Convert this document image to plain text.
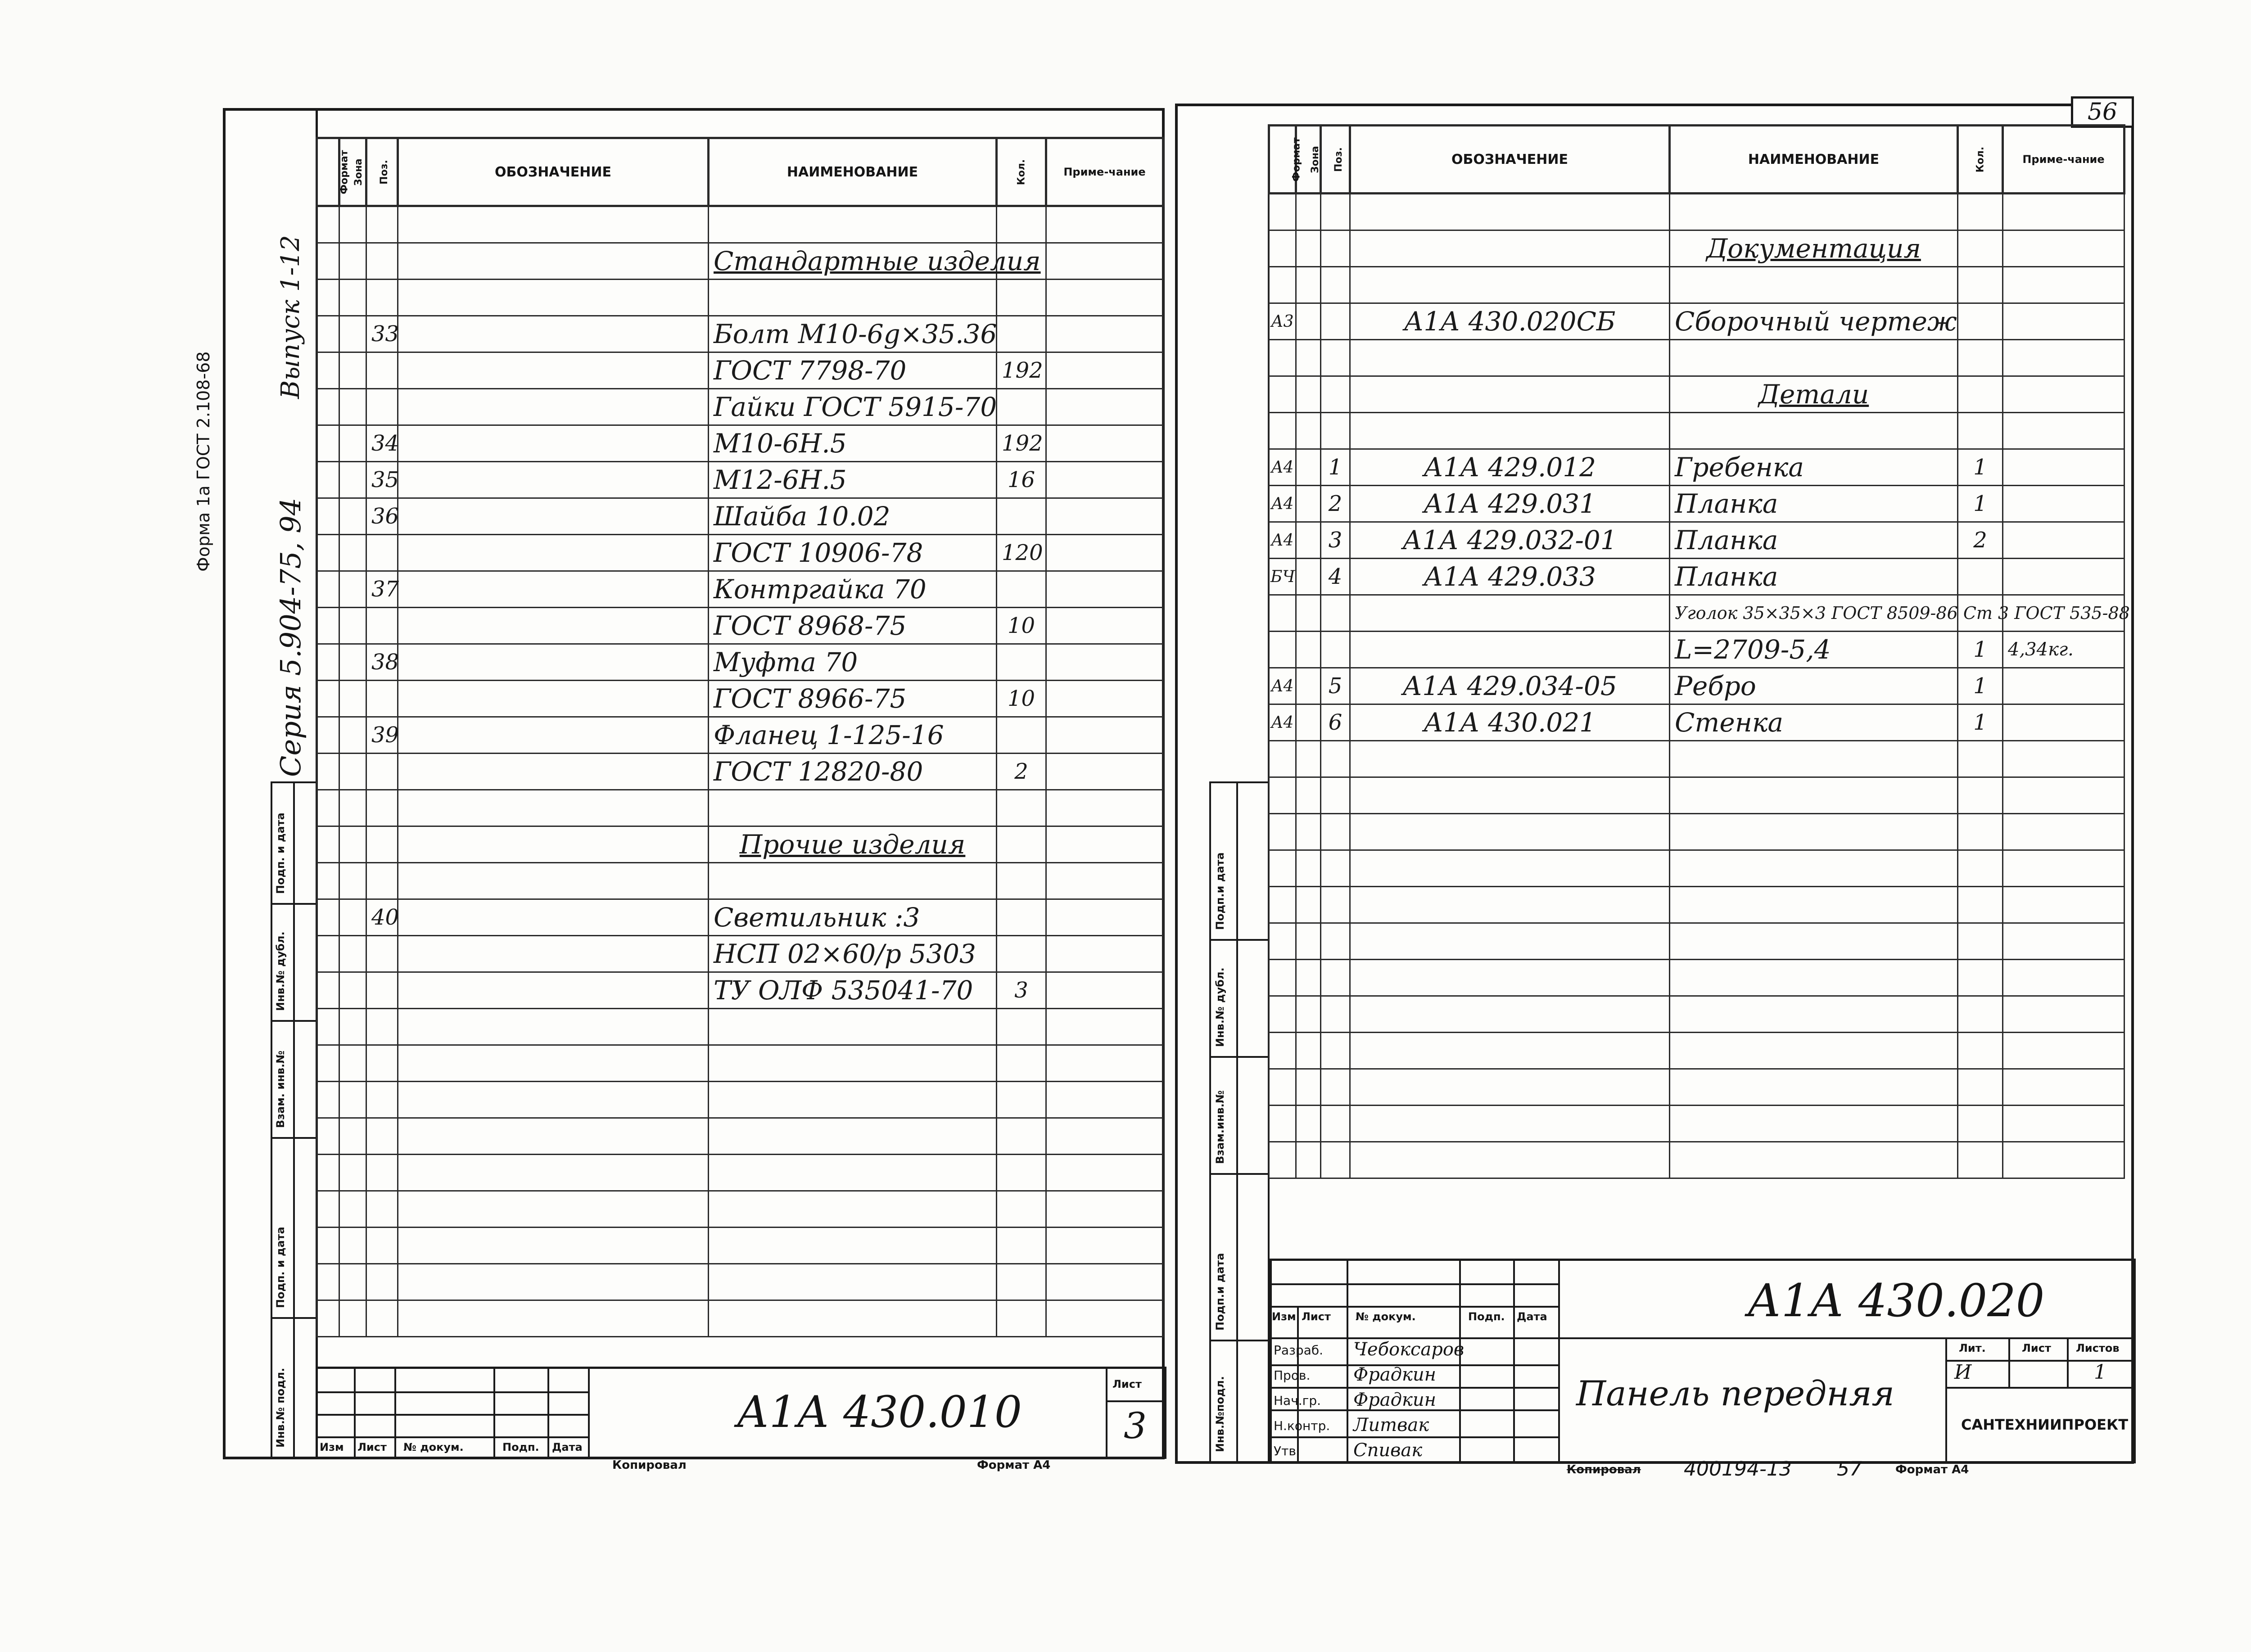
Серия 5.904-75, 94
Выпуск 1-12
Подп. и дата
Инв.№ дубл.
Взам. инв.№
Подп. и дата
Инв.№ подл.
Формат	Зона	Поз.	ОБОЗНАЧЕНИЕ	НАИМЕНОВАНИЕ	Кол.	Приме-чание

				Стандартные изделия		

		33		Болт М10-6g×35.36		
				ГОСТ 7798-70	192	
				Гайки ГОСТ 5915-70		
		34		М10-6Н.5	192	
		35		М12-6Н.5	16	
		36		Шайба 10.02		
				ГОСТ 10906-78	120	
		37		Контргайка 70		
				ГОСТ 8968-75	10	
		38		Муфта 70		
				ГОСТ 8966-75	10	
		39		Фланец 1-125-16		
				ГОСТ 12820-80	2	

				Прочие изделия		

		40		Светильник :3		
				НСП 02×60/р 5303		
				ТУ ОЛФ 535041-70	3	

Изм Лист № докум.	Подп. Дата
А1А 430.010
Лист
3
Форма 1а ГОСТ 2.108-68
Копировал	Формат А4
56
Подп.и дата
Инв.№ дубл.
Взам.инв.№
Подп.и дата
Инв.№подл.
Формат	Зона	Поз.	ОБОЗНАЧЕНИЕ	НАИМЕНОВАНИЕ	Кол.	Приме-чание

				Документация		

А3			А1А 430.020СБ	Сборочный чертеж		

				Детали		

А4		1	А1А 429.012	Гребенка	1	
А4		2	А1А 429.031	Планка	1	
А4		3	А1А 429.032-01	Планка	2	
БЧ		4	А1А 429.033	Планка		
				Уголок 35×35×3 ГОСТ 8509-86 Ст 3 ГОСТ 535-88		
				L=2709-5,4	1	4,34кг.
А4		5	А1А 429.034-05	Ребро	1	
А4		6	А1А 430.021	Стенка	1	

Изм Лист № докум.	Подп. Дата
Разраб. Чебоксаров
Пров. Фрадкин
Нач.гр. Фрадкин
Н.контр. Литвак
Утв.	Спивак
А1А 430.020
Панель передняя
Лит.	Лист Листов
И	1
САНТЕХНИИПРОЕКТ
Копировал 400194-13 57	Формат А4
